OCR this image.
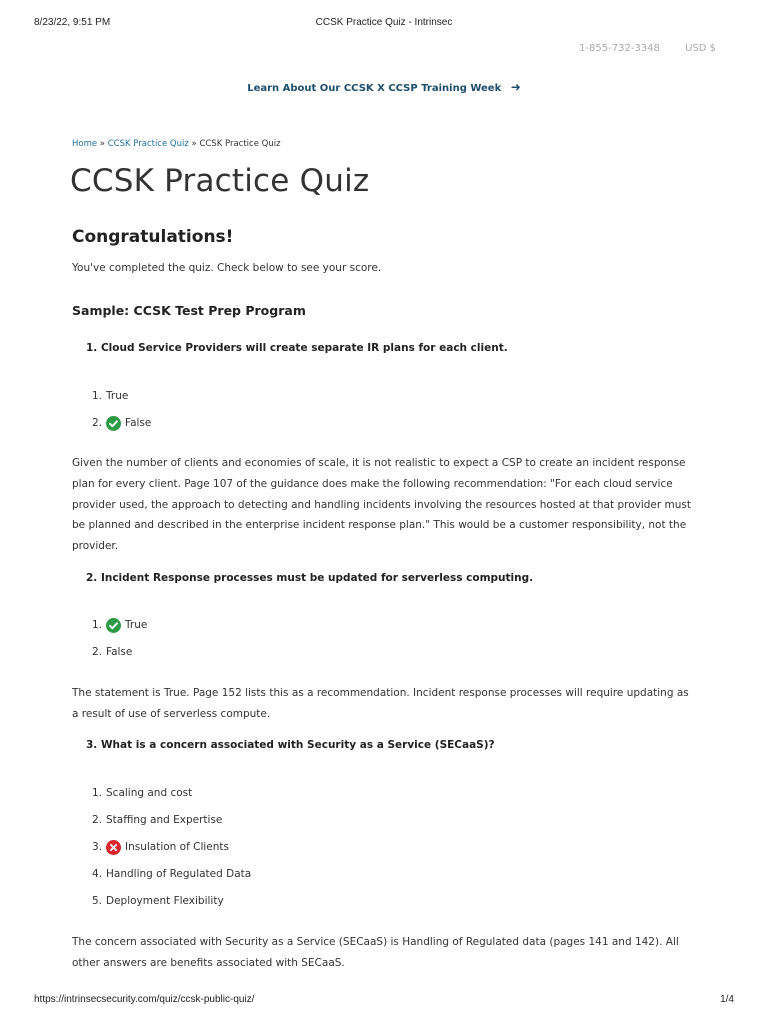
8/23/22, 9:51 PM	CCSK Practice Quiz - Intrinsec
1-855-732-3348	USD $
Learn About Our CCSK X CCSP Training Week ➜
Home » CCSK Practice Quiz » CCSK Practice Quiz
CCSK Practice Quiz
Congratulations!
You've completed the quiz. Check below to see your score.
Sample: CCSK Test Prep Program
1. Cloud Service Providers will create separate IR plans for each client.
1. True
2.	False

Given the number of clients and economies of scale, it is not realistic to expect a CSP to create an incident response plan for every client. Page 107 of the guidance does make the following recommendation: "For each cloud service provider used, the approach to detecting and handling incidents involving the resources hosted at that provider must be planned and described in the enterprise incident response plan." This would be a customer responsibility, not the provider.

2. Incident Response processes must be updated for serverless computing.
1.	True
2. False

The statement is True. Page 152 lists this as a recommendation. Incident response processes will require updating as a result of use of serverless compute.

3. What is a concern associated with Security as a Service (SECaaS)?
1. Scaling and cost
2. Staffing and Expertise
3.	Insulation of Clients
4. Handling of Regulated Data
5. Deployment Flexibility

The concern associated with Security as a Service (SECaaS) is Handling of Regulated data (pages 141 and 142). All other answers are benefits associated with SECaaS.

https://intrinsecsecurity.com/quiz/ccsk-public-quiz/	1/4
